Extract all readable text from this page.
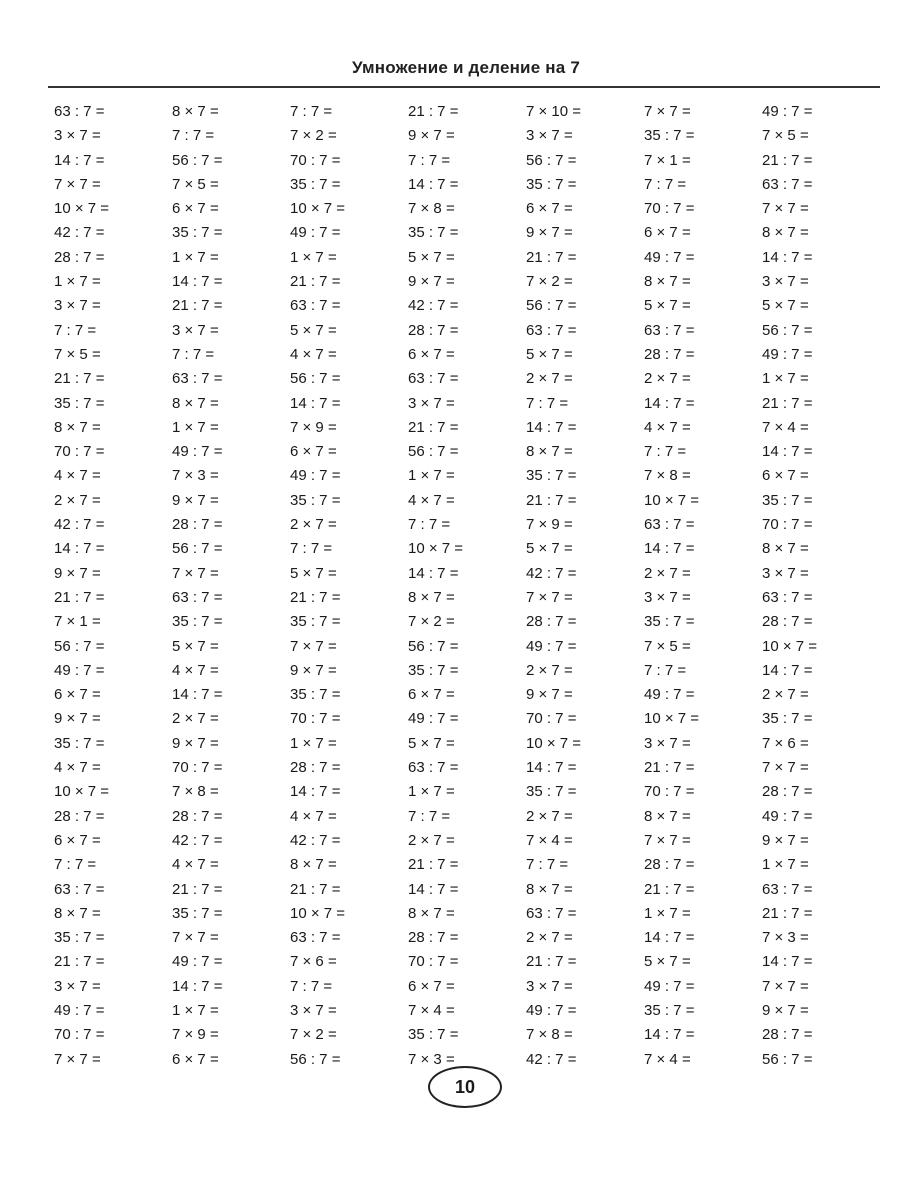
Умножение и деление на 7
63 : 7 =	8 × 7 =	7 : 7 =	21 : 7 =	7 × 10 =	7 × 7 =	49 : 7 =
3 × 7 =	7 : 7 =	7 × 2 =	9 × 7 =	3 × 7 =	35 : 7 =	7 × 5 =
14 : 7 =	56 : 7 =	70 : 7 =	7 : 7 =	56 : 7 =	7 × 1 =	21 : 7 =
7 × 7 =	7 × 5 =	35 : 7 =	14 : 7 =	35 : 7 =	7 : 7 =	63 : 7 =
10 × 7 =	6 × 7 =	10 × 7 =	7 × 8 =	6 × 7 =	70 : 7 =	7 × 7 =
42 : 7 =	35 : 7 =	49 : 7 =	35 : 7 =	9 × 7 =	6 × 7 =	8 × 7 =
28 : 7 =	1 × 7 =	1 × 7 =	5 × 7 =	21 : 7 =	49 : 7 =	14 : 7 =
1 × 7 =	14 : 7 =	21 : 7 =	9 × 7 =	7 × 2 =	8 × 7 =	3 × 7 =
3 × 7 =	21 : 7 =	63 : 7 =	42 : 7 =	56 : 7 =	5 × 7 =	5 × 7 =
7 : 7 =	3 × 7 =	5 × 7 =	28 : 7 =	63 : 7 =	63 : 7 =	56 : 7 =
7 × 5 =	7 : 7 =	4 × 7 =	6 × 7 =	5 × 7 =	28 : 7 =	49 : 7 =
21 : 7 =	63 : 7 =	56 : 7 =	63 : 7 =	2 × 7 =	2 × 7 =	1 × 7 =
35 : 7 =	8 × 7 =	14 : 7 =	3 × 7 =	7 : 7 =	14 : 7 =	21 : 7 =
8 × 7 =	1 × 7 =	7 × 9 =	21 : 7 =	14 : 7 =	4 × 7 =	7 × 4 =
70 : 7 =	49 : 7 =	6 × 7 =	56 : 7 =	8 × 7 =	7 : 7 =	14 : 7 =
4 × 7 =	7 × 3 =	49 : 7 =	1 × 7 =	35 : 7 =	7 × 8 =	6 × 7 =
2 × 7 =	9 × 7 =	35 : 7 =	4 × 7 =	21 : 7 =	10 × 7 =	35 : 7 =
42 : 7 =	28 : 7 =	2 × 7 =	7 : 7 =	7 × 9 =	63 : 7 =	70 : 7 =
14 : 7 =	56 : 7 =	7 : 7 =	10 × 7 =	5 × 7 =	14 : 7 =	8 × 7 =
9 × 7 =	7 × 7 =	5 × 7 =	14 : 7 =	42 : 7 =	2 × 7 =	3 × 7 =
21 : 7 =	63 : 7 =	21 : 7 =	8 × 7 =	7 × 7 =	3 × 7 =	63 : 7 =
7 × 1 =	35 : 7 =	35 : 7 =	7 × 2 =	28 : 7 =	35 : 7 =	28 : 7 =
56 : 7 =	5 × 7 =	7 × 7 =	56 : 7 =	49 : 7 =	7 × 5 =	10 × 7 =
49 : 7 =	4 × 7 =	9 × 7 =	35 : 7 =	2 × 7 =	7 : 7 =	14 : 7 =
6 × 7 =	14 : 7 =	35 : 7 =	6 × 7 =	9 × 7 =	49 : 7 =	2 × 7 =
9 × 7 =	2 × 7 =	70 : 7 =	49 : 7 =	70 : 7 =	10 × 7 =	35 : 7 =
35 : 7 =	9 × 7 =	1 × 7 =	5 × 7 =	10 × 7 =	3 × 7 =	7 × 6 =
4 × 7 =	70 : 7 =	28 : 7 =	63 : 7 =	14 : 7 =	21 : 7 =	7 × 7 =
10 × 7 =	7 × 8 =	14 : 7 =	1 × 7 =	35 : 7 =	70 : 7 =	28 : 7 =
28 : 7 =	28 : 7 =	4 × 7 =	7 : 7 =	2 × 7 =	8 × 7 =	49 : 7 =
6 × 7 =	42 : 7 =	42 : 7 =	2 × 7 =	7 × 4 =	7 × 7 =	9 × 7 =
7 : 7 =	4 × 7 =	8 × 7 =	21 : 7 =	7 : 7 =	28 : 7 =	1 × 7 =
63 : 7 =	21 : 7 =	21 : 7 =	14 : 7 =	8 × 7 =	21 : 7 =	63 : 7 =
8 × 7 =	35 : 7 =	10 × 7 =	8 × 7 =	63 : 7 =	1 × 7 =	21 : 7 =
35 : 7 =	7 × 7 =	63 : 7 =	28 : 7 =	2 × 7 =	14 : 7 =	7 × 3 =
21 : 7 =	49 : 7 =	7 × 6 =	70 : 7 =	21 : 7 =	5 × 7 =	14 : 7 =
3 × 7 =	14 : 7 =	7 : 7 =	6 × 7 =	3 × 7 =	49 : 7 =	7 × 7 =
49 : 7 =	1 × 7 =	3 × 7 =	7 × 4 =	49 : 7 =	35 : 7 =	9 × 7 =
70 : 7 =	7 × 9 =	7 × 2 =	35 : 7 =	7 × 8 =	14 : 7 =	28 : 7 =
7 × 7 =	6 × 7 =	56 : 7 =	7 × 3 =	42 : 7 =	7 × 4 =	56 : 7 =
10
